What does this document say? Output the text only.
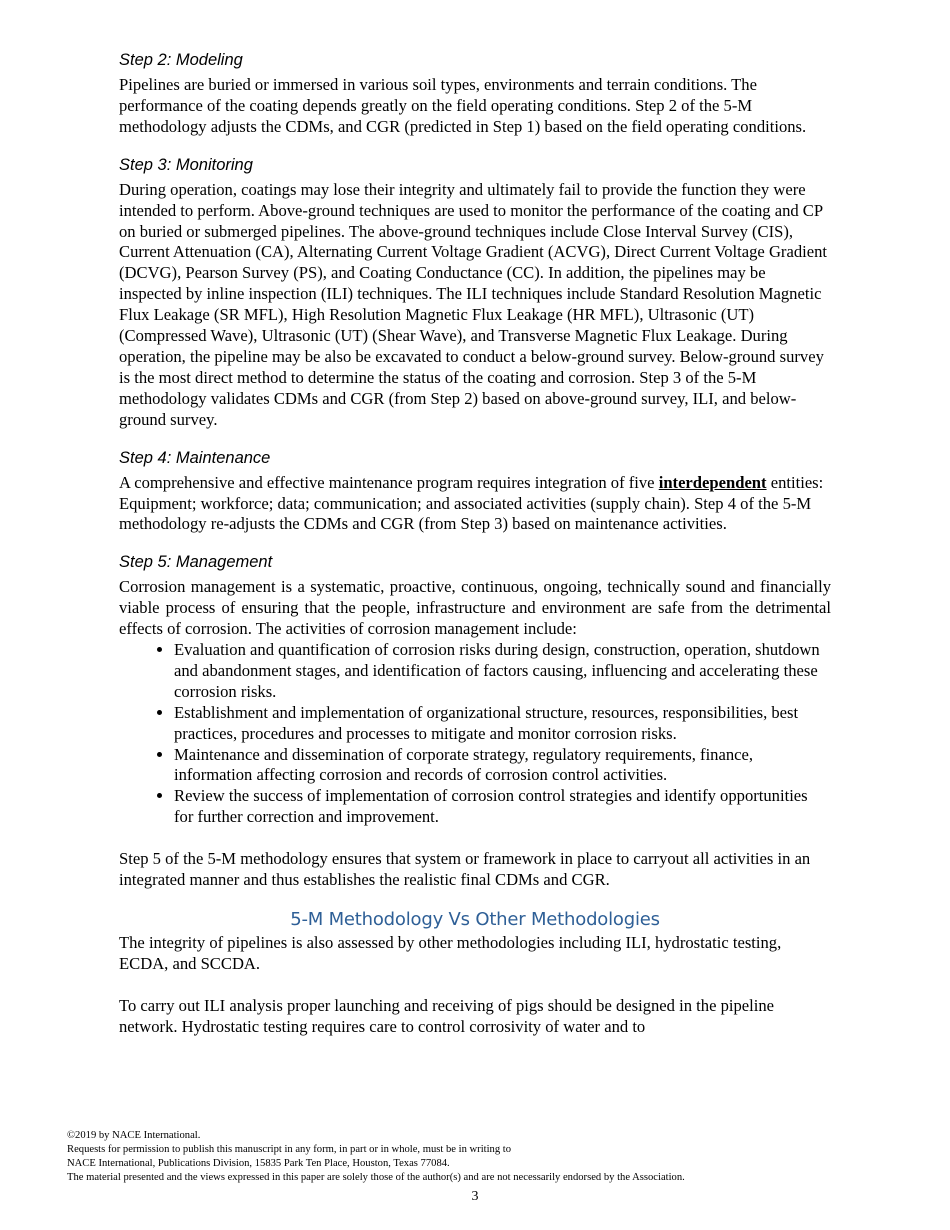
Step 2: Modeling

Pipelines are buried or immersed in various soil types, environments and terrain conditions. The performance of the coating depends greatly on the field operating conditions. Step 2 of the 5-M methodology adjusts the CDMs, and CGR (predicted in Step 1) based on the field operating conditions.

Step 3: Monitoring

During operation, coatings may lose their integrity and ultimately fail to provide the function they were intended to perform. Above-ground techniques are used to monitor the performance of the coating and CP on buried or submerged pipelines. The above-ground techniques include Close Interval Survey (CIS), Current Attenuation (CA), Alternating Current Voltage Gradient (ACVG), Direct Current Voltage Gradient (DCVG), Pearson Survey (PS), and Coating Conductance (CC). In addition, the pipelines may be inspected by inline inspection (ILI) techniques. The ILI techniques include Standard Resolution Magnetic Flux Leakage (SR MFL), High Resolution Magnetic Flux Leakage (HR MFL), Ultrasonic (UT) (Compressed Wave), Ultrasonic (UT) (Shear Wave), and Transverse Magnetic Flux Leakage. During operation, the pipeline may be also be excavated to conduct a below-ground survey. Below-ground survey is the most direct method to determine the status of the coating and corrosion. Step 3 of the 5-M methodology validates CDMs and CGR (from Step 2) based on above-ground survey, ILI, and below-ground survey.

Step 4: Maintenance

A comprehensive and effective maintenance program requires integration of five interdependent entities: Equipment; workforce; data; communication; and associated activities (supply chain). Step 4 of the 5-M methodology re-adjusts the CDMs and CGR (from Step 3) based on maintenance activities.

Step 5: Management

Corrosion management is a systematic, proactive, continuous, ongoing, technically sound and financially viable process of ensuring that the people, infrastructure and environment are safe from the detrimental effects of corrosion. The activities of corrosion management include:

• Evaluation and quantification of corrosion risks during design, construction, operation, shutdown and abandonment stages, and identification of factors causing, influencing and accelerating these corrosion risks.
• Establishment and implementation of organizational structure, resources, responsibilities, best practices, procedures and processes to mitigate and monitor corrosion risks.
• Maintenance and dissemination of corporate strategy, regulatory requirements, finance, information affecting corrosion and records of corrosion control activities.
• Review the success of implementation of corrosion control strategies and identify opportunities for further correction and improvement.

Step 5 of the 5-M methodology ensures that system or framework in place to carryout all activities in an integrated manner and thus establishes the realistic final CDMs and CGR.

5-M Methodology Vs Other Methodologies

The integrity of pipelines is also assessed by other methodologies including ILI, hydrostatic testing, ECDA, and SCCDA.

To carry out ILI analysis proper launching and receiving of pigs should be designed in the pipeline network. Hydrostatic testing requires care to control corrosivity of water and to

©2019 by NACE International.
Requests for permission to publish this manuscript in any form, in part or in whole, must be in writing to
NACE International, Publications Division, 15835 Park Ten Place, Houston, Texas 77084.
The material presented and the views expressed in this paper are solely those of the author(s) and are not necessarily endorsed by the Association.
3
